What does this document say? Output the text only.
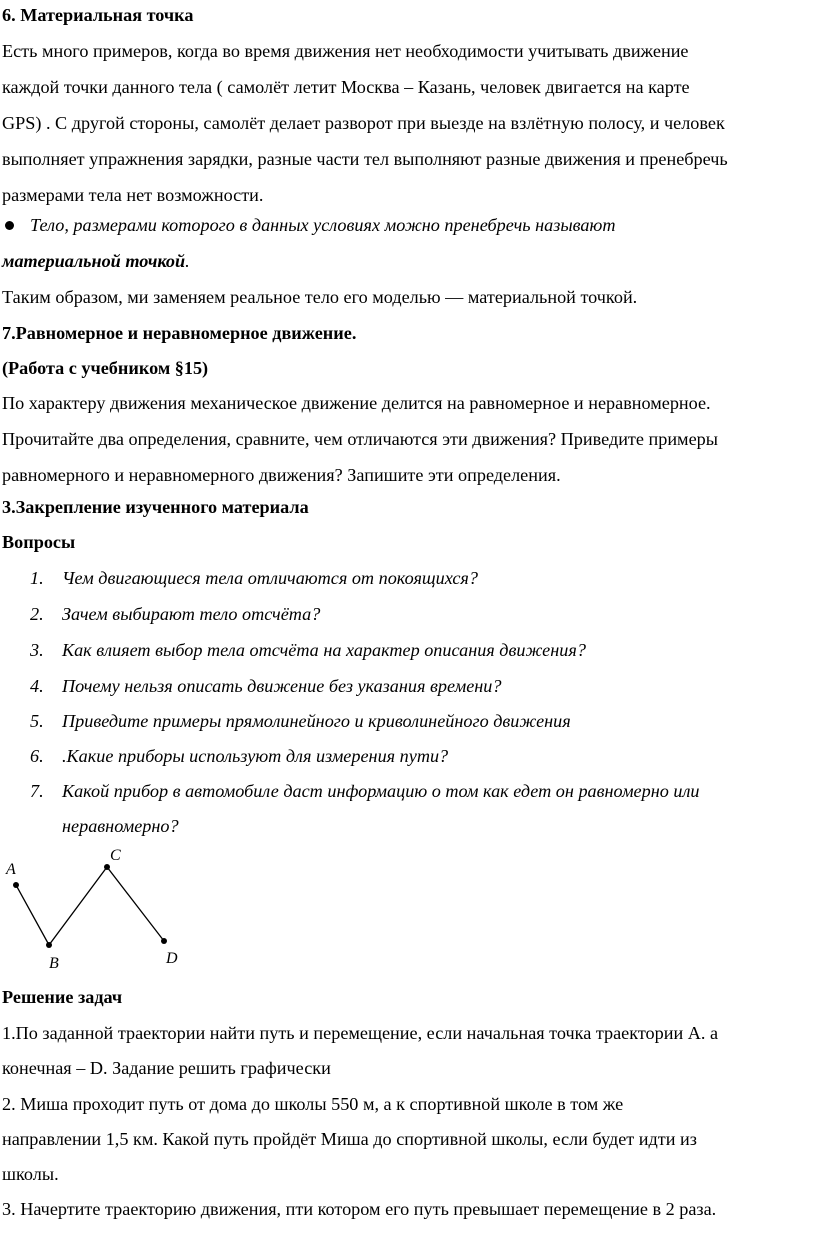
6. Материальная точка
Есть много примеров, когда во время движения нет необходимости учитывать движение
каждой точки данного тела ( самолёт летит Москва – Казань, человек двигается на карте
GPS) . С другой стороны, самолёт делает разворот при выезде на взлётную полосу, и человек
выполняет упражнения зарядки, разные части тел выполняют разные движения и пренебречь
размерами тела нет возможности.
Тело, размерами которого в данных условиях можно пренебречь называют
материальной точкой.
Таким образом, ми заменяем реальное тело его моделью — материальной точкой.
7.Равномерное и неравномерное движение.
(Работа с учебником §15)
По характеру движения механическое движение делится на равномерное и неравномерное.
Прочитайте два определения, сравните, чем отличаются эти движения? Приведите примеры
равномерного и неравномерного движения? Запишите эти определения.
3.Закрепление изученного материала
Вопросы
1. Чем двигающиеся тела отличаются от покоящихся?
2. Зачем выбирают тело отсчёта?
3. Как влияет выбор тела отсчёта на характер описания движения?
4. Почему нельзя описать движение без указания времени?
5. Приведите примеры прямолинейного и криволинейного движения
6. .Какие приборы используют для измерения пути?
7. Какой прибор в автомобиле даст информацию о том как едет он равномерно или
неравномерно?
A
B
C
D
Решение задач
1.По заданной траектории найти путь и перемещение, если начальная точка траектории А. а
конечная – D. Задание решить графически
2. Миша проходит путь от дома до школы 550 м, а к спортивной школе в том же
направлении 1,5 км. Какой путь пройдёт Миша до спортивной школы, если будет идти из
школы.
3. Начертите траекторию движения, пти котором его путь превышает перемещение в 2 раза.
